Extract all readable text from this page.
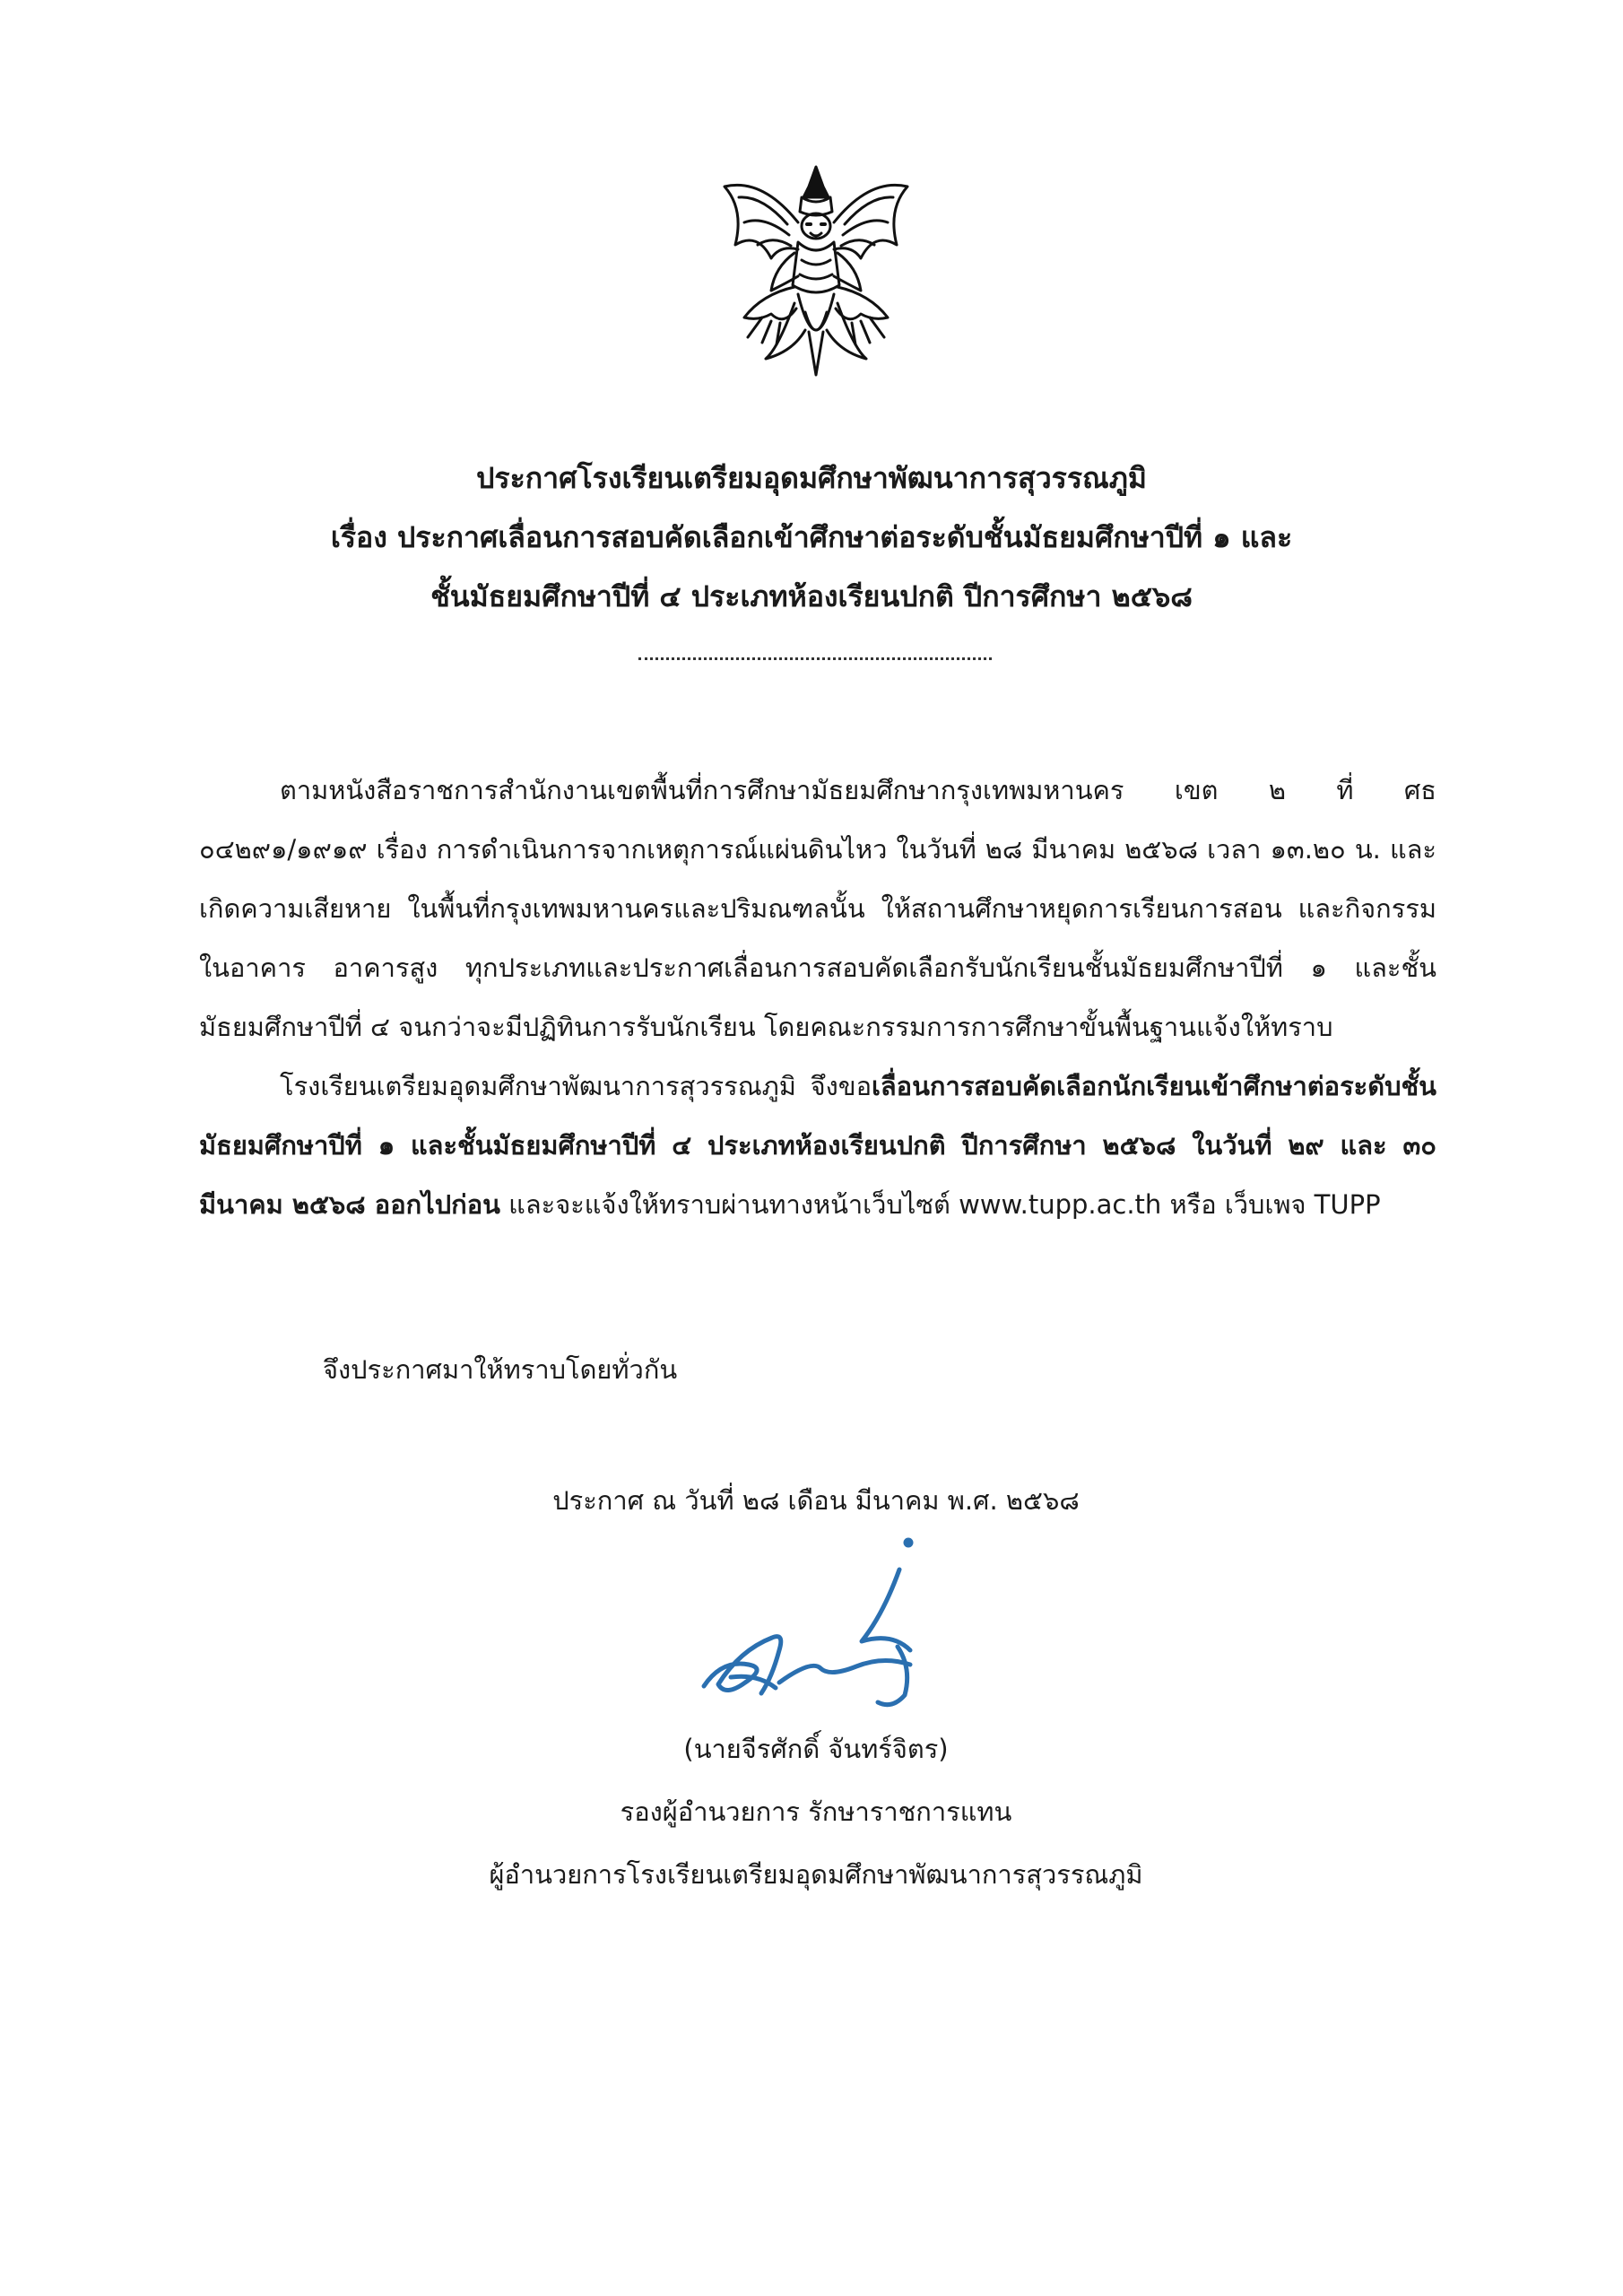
ประกาศโรงเรียนเตรียมอุดมศึกษาพัฒนาการสุวรรณภูมิ
เรื่อง ประกาศเลื่อนการสอบคัดเลือกเข้าศึกษาต่อระดับชั้นมัธยมศึกษาปีที่ ๑ และ
ชั้นมัธยมศึกษาปีที่ ๔ ประเภทห้องเรียนปกติ ปีการศึกษา ๒๕๖๘

ตามหนังสือราชการสำนักงานเขตพื้นที่การศึกษามัธยมศึกษากรุงเทพมหานคร เขต ๒ ที่ ศธ ๐๔๒๙๑/๑๙๑๙ เรื่อง การดำเนินการจากเหตุการณ์แผ่นดินไหว ในวันที่ ๒๘ มีนาคม ๒๕๖๘ เวลา ๑๓.๒๐ น. และเกิดความเสียหาย ในพื้นที่กรุงเทพมหานครและปริมณฑลนั้น ให้สถานศึกษาหยุดการเรียนการสอน และกิจกรรมในอาคาร อาคารสูง ทุกประเภทและประกาศเลื่อนการสอบคัดเลือกรับนักเรียนชั้นมัธยมศึกษาปีที่ ๑ และชั้นมัธยมศึกษาปีที่ ๔ จนกว่าจะมีปฏิทินการรับนักเรียน โดยคณะกรรมการการศึกษาขั้นพื้นฐานแจ้งให้ทราบ

โรงเรียนเตรียมอุดมศึกษาพัฒนาการสุวรรณภูมิ จึงขอเลื่อนการสอบคัดเลือกนักเรียนเข้าศึกษาต่อระดับชั้นมัธยมศึกษาปีที่ ๑ และชั้นมัธยมศึกษาปีที่ ๔ ประเภทห้องเรียนปกติ ปีการศึกษา ๒๕๖๘ ในวันที่ ๒๙ และ ๓๐ มีนาคม ๒๕๖๘ ออกไปก่อน และจะแจ้งให้ทราบผ่านทางหน้าเว็บไซต์ www.tupp.ac.th หรือ เว็บเพจ TUPP

จึงประกาศมาให้ทราบโดยทั่วกัน
ประกาศ ณ วันที่ ๒๘ เดือน มีนาคม พ.ศ. ๒๕๖๘
(นายจีรศักดิ์ จันทร์จิตร)
รองผู้อำนวยการ รักษาราชการแทน
ผู้อำนวยการโรงเรียนเตรียมอุดมศึกษาพัฒนาการสุวรรณภูมิ
